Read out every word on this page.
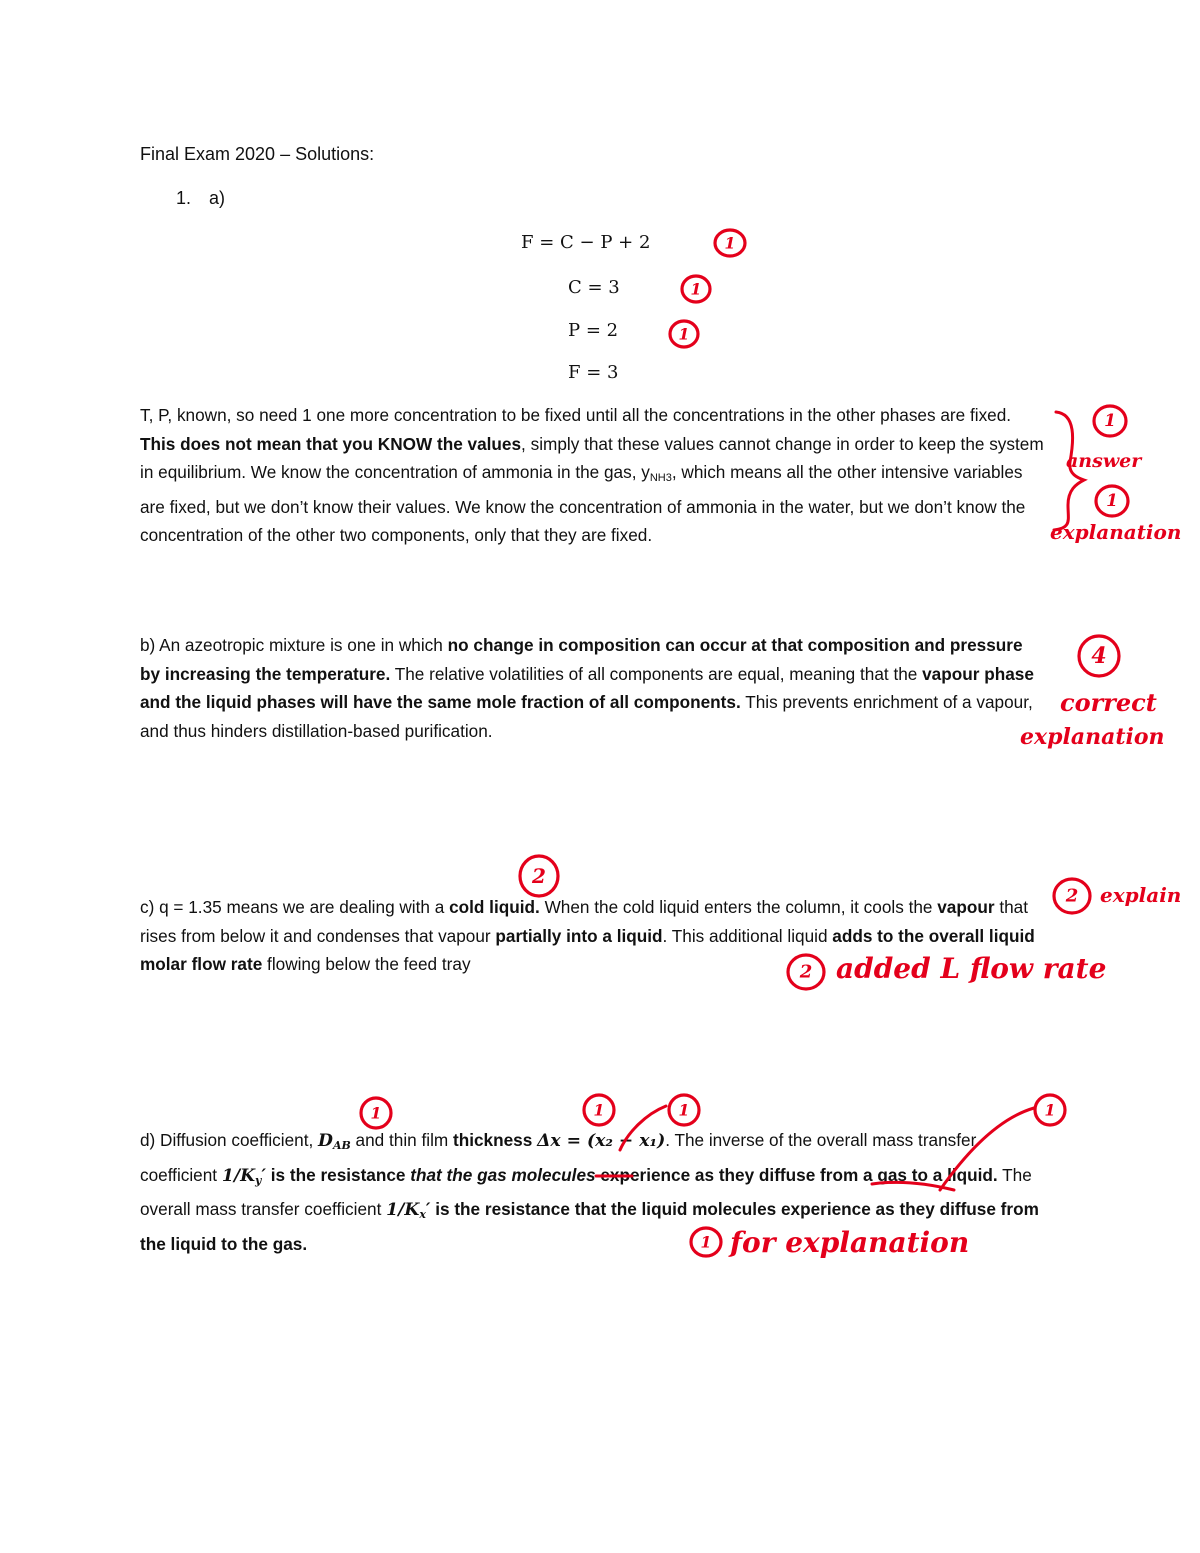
Final Exam 2020 – Solutions:
1. a)
F = C − P + 2
C = 3
P = 2
F = 3
T, P, known, so need 1 one more concentration to be fixed until all the concentrations in the other phases are fixed. This does not mean that you KNOW the values, simply that these values cannot change in order to keep the system in equilibrium. We know the concentration of ammonia in the gas, yNH3, which means all the other intensive variables are fixed, but we don’t know their values. We know the concentration of ammonia in the water, but we don’t know the concentration of the other two components, only that they are fixed.
b) An azeotropic mixture is one in which no change in composition can occur at that composition and pressure by increasing the temperature. The relative volatilities of all components are equal, meaning that the vapour phase and the liquid phases will have the same mole fraction of all components. This prevents enrichment of a vapour, and thus hinders distillation-based purification.
c) q = 1.35 means we are dealing with a cold liquid. When the cold liquid enters the column, it cools the vapour that rises from below it and condenses that vapour partially into a liquid. This additional liquid adds to the overall liquid molar flow rate flowing below the feed tray
d) Diffusion coefficient, DAB and thin film thickness Δx = (x₂ − x₁). The inverse of the overall mass transfer coefficient 1/Ky′ is the resistance that the gas molecules experience as they diffuse from a gas to a liquid. The overall mass transfer coefficient 1/Kx′ is the resistance that the liquid molecules experience as they diffuse from the liquid to the gas.
1
1
1
1
1
4
2
2
2
1	1	1	1
1
answer
explanation
correct
explanation
explain
added L flow rate
for explanation
